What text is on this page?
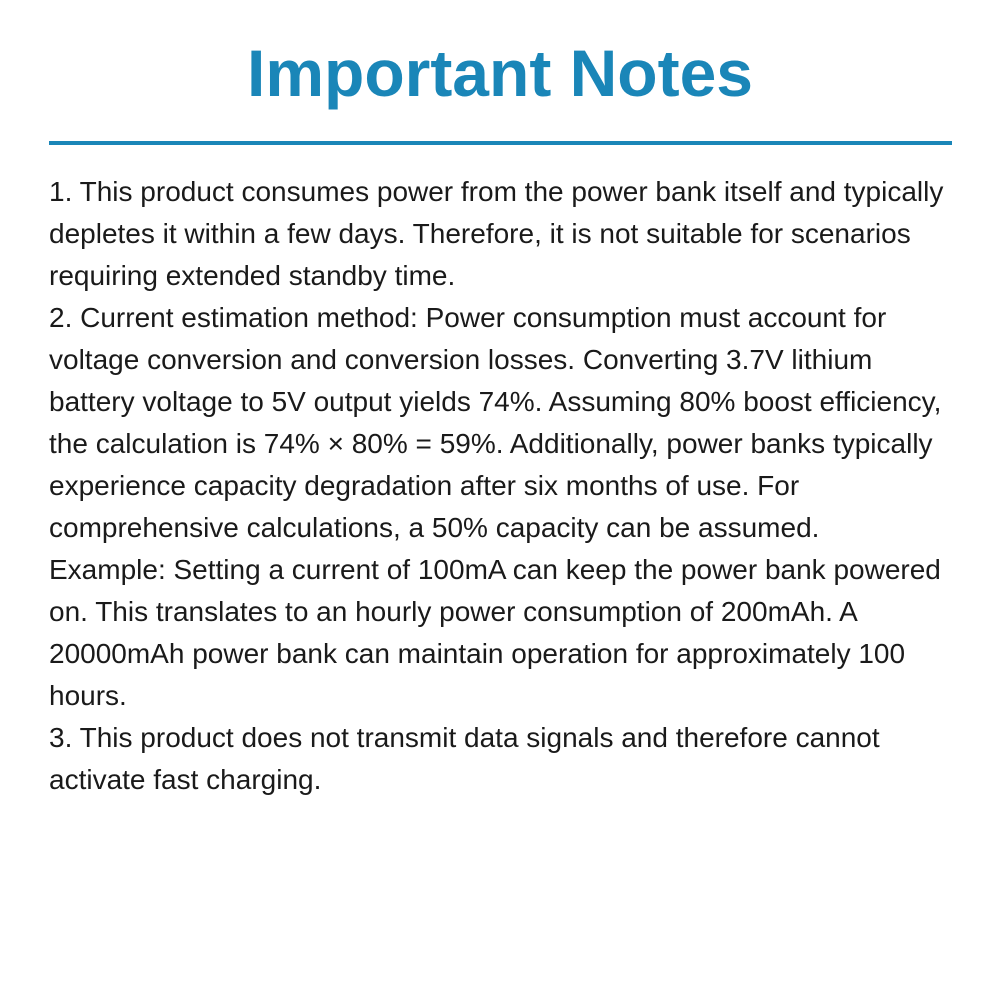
Important Notes

1. This product consumes power from the power bank itself and typically depletes it within a few days. Therefore, it is not suitable for scenarios requiring extended standby time.

2. Current estimation method: Power consumption must account for voltage conversion and conversion losses. Converting 3.7V lithium battery voltage to 5V output yields 74%. Assuming 80% boost efficiency, the calculation is 74% × 80% = 59%. Additionally, power banks typically experience capacity degradation after six months of use. For comprehensive calculations, a 50% capacity can be assumed.

Example: Setting a current of 100mA can keep the power bank powered on. This translates to an hourly power consumption of 200mAh. A 20000mAh power bank can maintain operation for approximately 100 hours.

3. This product does not transmit data signals and therefore cannot activate fast charging.
